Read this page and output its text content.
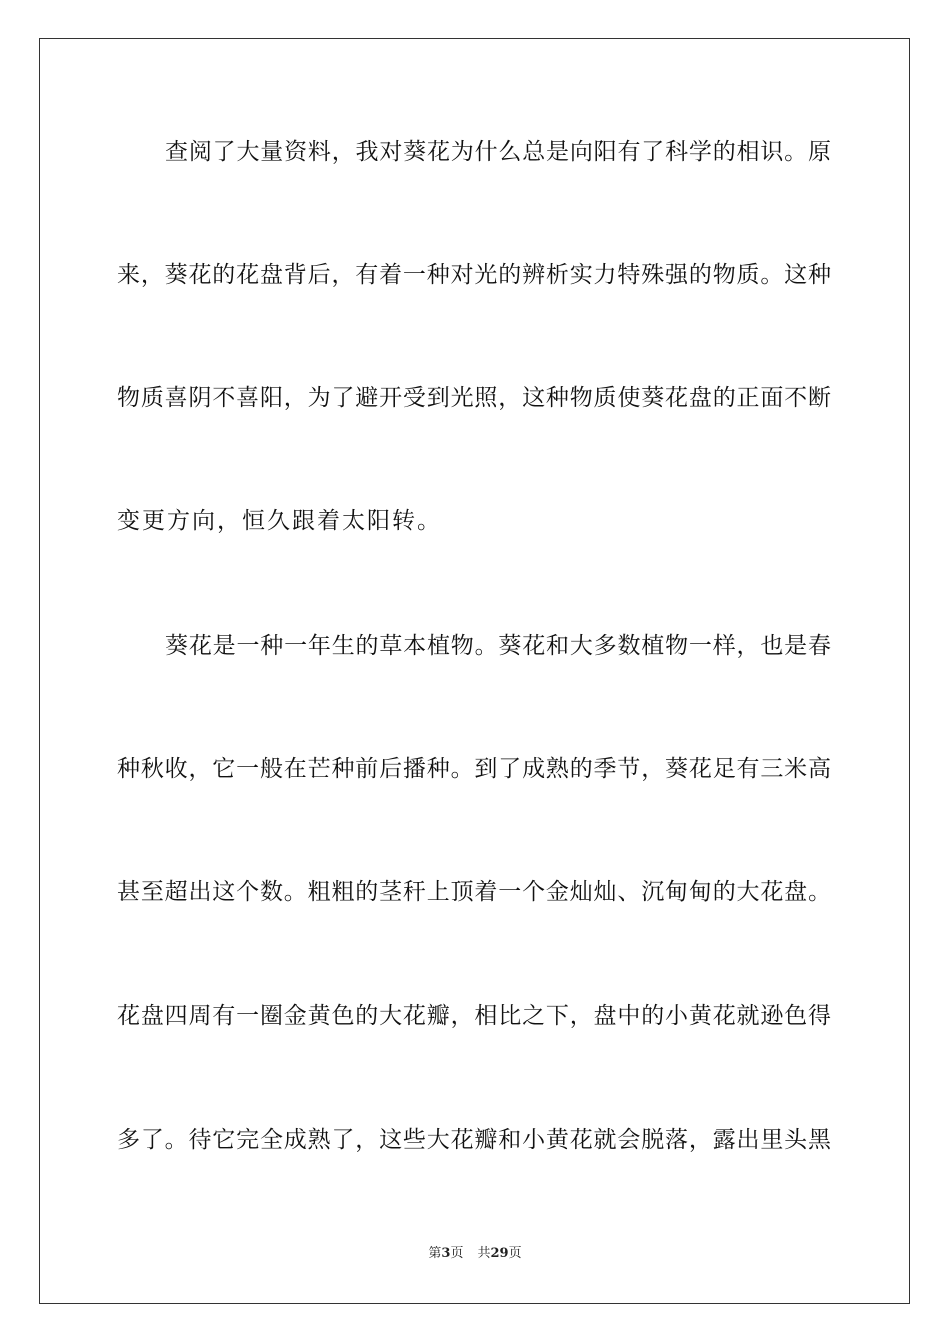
查阅了大量资料，我对葵花为什么总是向阳有了科学的相识。原
来，葵花的花盘背后，有着一种对光的辨析实力特殊强的物质。这种
物质喜阴不喜阳，为了避开受到光照，这种物质使葵花盘的正面不断
变更方向，恒久跟着太阳转。
葵花是一种一年生的草本植物。葵花和大多数植物一样，也是春
种秋收，它一般在芒种前后播种。到了成熟的季节，葵花足有三米高
甚至超出这个数。粗粗的茎秆上顶着一个金灿灿、沉甸甸的大花盘。
花盘四周有一圈金黄色的大花瓣，相比之下，盘中的小黄花就逊色得
多了。待它完全成熟了，这些大花瓣和小黄花就会脱落，露出里头黑
第3页 共29页
